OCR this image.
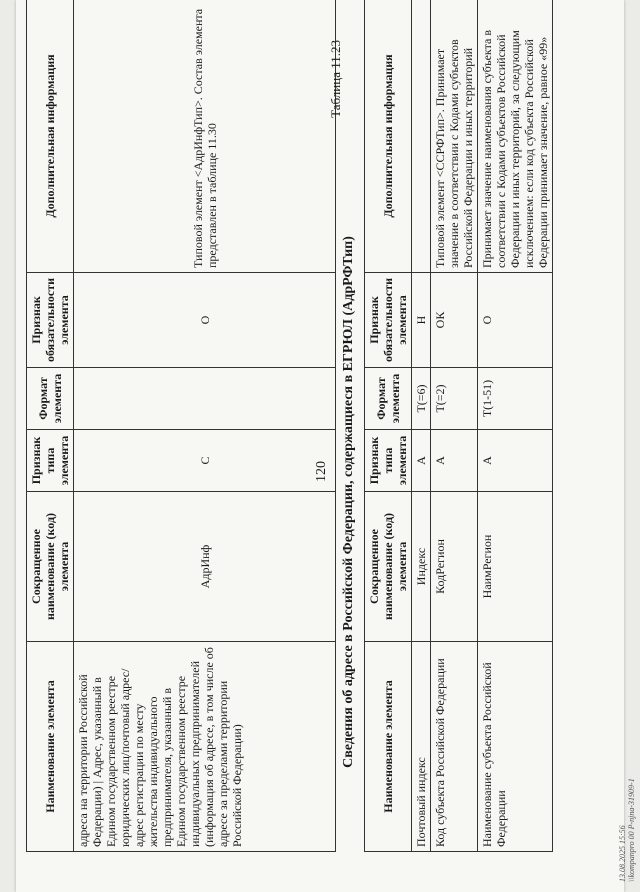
Наименование элемента	Сокращенное наименование (код) элемента	Признак типа элемента	Формат элемента	Признак обязательности элемента	Дополнительная информация
адреса на территории Российской Федерации) | Адрес, указанный в Едином государственном реестре юридических лиц/почтовый адрес/адрес регистрации по месту жительства индивидуального предпринимателя, указанный в Едином государственном реестре индивидуальных предпринимателей (информация об адресе, в том числе об адресе за пределами территории Российской Федерации)	АдрИнф	С		О	Типовой элемент <АдрИнфТип>. Состав элемента представлен в таблице 11.30
120
Таблица 11.23
Сведения об адресе в Российской Федерации, содержащиеся в ЕГРЮЛ (АдрРФТип) Наименование элемента	Сокращенное наименование (код) элемента	Признак типа элемента	Формат элемента	Признак обязательности элемента	Дополнительная информация
Почтовый индекс	Индекс	А	T(=6)	Н	
Код субъекта Российской Федерации	КодРегион	А	T(=2)	ОК	Типовой элемент <ССРФТип>. Принимает значение в соответствии с Кодами субъектов Российской Федерации и иных территорий
Наименование субъекта Российской Федерации	НаимРегион	А	T(1-51)	О	Принимает значение наименования субъекта в соответствии с Кодами субъектов Российской Федерации и иных территорий, за следующим исключением: если код субъекта Российской Федерации принимает значение, равное «99»
13.08.2025 15:56 \\kompanpro 00 P-njna-31909-1
